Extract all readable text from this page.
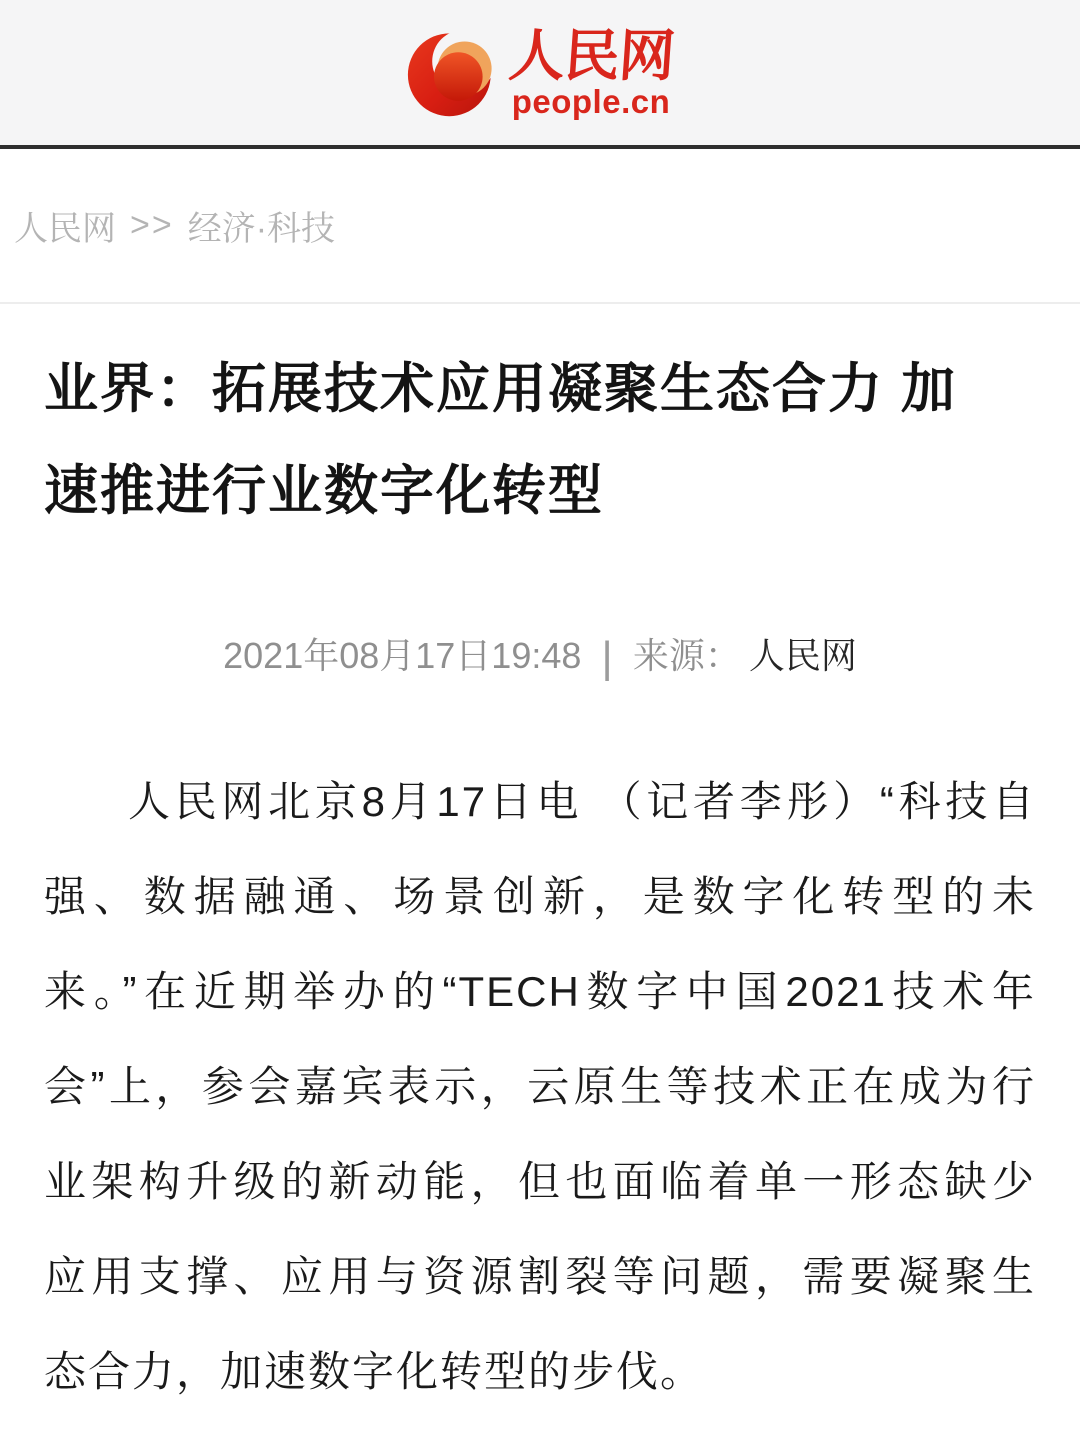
人民网
people.cn
人民网 >> 经济·科技
业界：拓展技术应用凝聚生态合力 加
速推进行业数字化转型
2021年08月17日19:48 | 来源： 人民网
人民网北京8月17日电 （记者李彤）“科技自
强、数据融通、场景创新，是数字化转型的未
来。”在近期举办的“TECH数字中国2021技术年
会”上，参会嘉宾表示，云原生等技术正在成为行
业架构升级的新动能，但也面临着单一形态缺少
应用支撑、应用与资源割裂等问题，需要凝聚生
态合力，加速数字化转型的步伐。
